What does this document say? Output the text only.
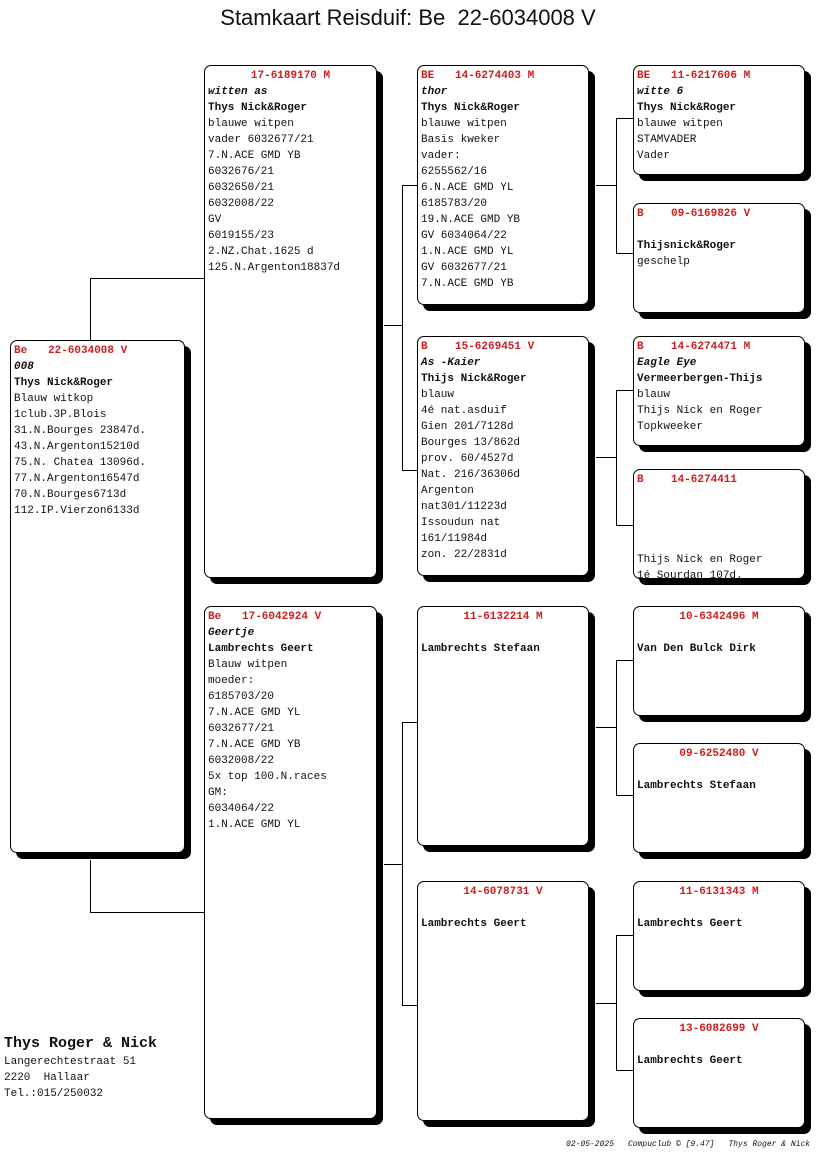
Stamkaart Reisduif: Be  22-6034008 V
Be 22-6034008 V
008
Thys Nick&Roger
Blauw witkop
1club.3P.Blois
31.N.Bourges 23847d.
43.N.Argenton15210d
75.N. Chatea 13096d.
77.N.Argenton16547d
70.N.Bourges6713d
112.IP.Vierzon6133d
17-6189170 M
witten as
Thys Nick&Roger
blauwe witpen
vader 6032677/21
7.N.ACE GMD YB
6032676/21
6032650/21
6032008/22
GV
6019155/23
2.NZ.Chat.1625 d
125.N.Argenton18837d
Be 17-6042924 V
Geertje
Lambrechts Geert
Blauw witpen
moeder:
6185703/20
7.N.ACE GMD YL
6032677/21
7.N.ACE GMD YB
6032008/22
5x top 100.N.races
GM:
6034064/22
1.N.ACE GMD YL
BE 14-6274403 M
thor
Thys Nick&Roger
blauwe witpen
Basis kweker
vader:
6255562/16
6.N.ACE GMD YL
6185783/20
19.N.ACE GMD YB
GV 6034064/22
1.N.ACE GMD YL
GV 6032677/21
7.N.ACE GMD YB
B 15-6269451 V
As -Kaier
Thijs Nick&Roger
blauw
4é nat.asduif
Gien 201/7128d
Bourges 13/862d
prov. 60/4527d
Nat. 216/36306d
Argenton
nat301/11223d
Issoudun nat
161/11984d
zon. 22/2831d
11-6132214 M
Lambrechts Stefaan
14-6078731 V
Lambrechts Geert
BE 11-6217606 M
witte 6
Thys Nick&Roger
blauwe witpen
STAMVADER
Vader
B 09-6169826 V
Thijsnick&Roger
geschelp
B 14-6274471 M
Eagle Eye
Vermeerbergen-Thijs
blauw
Thijs Nick en Roger
Topkweeker
B 14-6274411
Thijs Nick en Roger
1é Sourdan 107d.
10-6342496 M
Van Den Bulck Dirk
09-6252480 V
Lambrechts Stefaan
11-6131343 M
Lambrechts Geert
13-6082699 V
Lambrechts Geert
Thys Roger & Nick
Langerechtestraat 51
2220  Hallaar
Tel.:015/250032
02-05-2025 Compuclub © [9.47] Thys Roger & Nick
